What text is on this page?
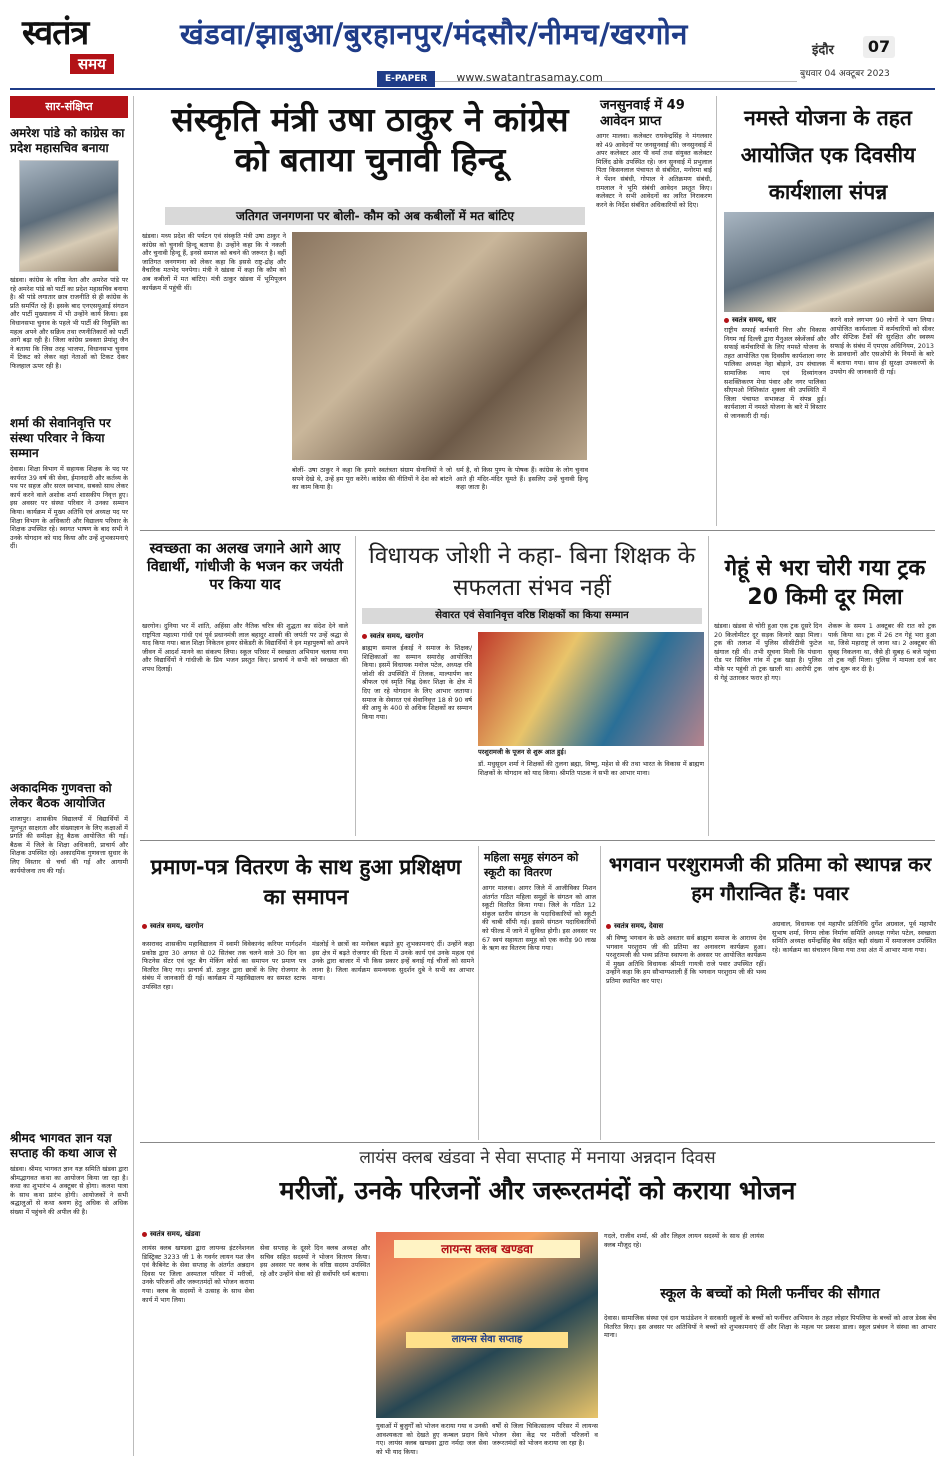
स्वतंत्र
समय
खंडवा/झाबुआ/बुरहानपुर/मंदसौर/नीमच/खरगोन
E-PAPER	www.swatantrasamay.com
इंदौर	07
बुधवार 04 अक्टूबर 2023
सार-संक्षिप्त
अमरेश पांडे को कांग्रेस का प्रदेश महासचिव बनाया
खंडवा। कांग्रेस के वरिष्ठ नेता और अमरेश पांडे पर रहे अमरेश पांडे को पार्टी का प्रदेश महासचिव बनाया है। श्री पांडे लगातार छात्र राजनीति से ही कांग्रेस के प्रति समर्पित रहे हैं। इसके बाद एनएसयूआई संगठन और पार्टी मुख्यालय में भी उन्होंने कार्य किया। इस विधानसभा चुनाव के पहले भी पार्टी की नियुक्ति का महत्व अपने और सक्रिय तथा रणनीतिकारों को पार्टी आगे बढ़ा रही है। जिला कांग्रेस प्रवक्ता प्रेमांशु जैन ने बताया कि जिस तरह भाजपा, विधानसभा चुनाव में टिकट को लेकर वहां नेताओं को टिकट देकर फिलहाल ऊपर रही है।
शर्मा की सेवानिवृत्ति पर संस्था परिवार ने किया सम्मान
देवास। शिक्षा विभाग में सहायक शिक्षक के पद पर कार्यरत 39 वर्ष की सेवा, ईमानदारी और कर्तव्य के पथ पर सहज और सरल स्वभाव, सबको साथ लेकर कार्य करने वाले अशोक शर्मा शासकीय निवृत्त हुए। इस अवसर पर संस्था परिवार ने उनका सम्मान किया। कार्यक्रम में मुख्य अतिथि एवं अध्यक्ष पद पर शिक्षा विभाग के अधिकारी और विद्यालय परिवार के शिक्षक उपस्थित रहे। स्वागत भाषण के बाद सभी ने उनके योगदान को याद किया और उन्हें शुभकामनाएं दीं।
अकादमिक गुणवत्ता को लेकर बैठक आयोजित
शाजापुर। शासकीय विद्यालयों में विद्यार्थियों में मूलभूत साक्षरता और संख्याज्ञान के लिए कक्षाओं में प्रगति की समीक्षा हेतु बैठक आयोजित की गई। बैठक में जिले के शिक्षा अधिकारी, प्राचार्य और शिक्षक उपस्थित रहे। अकादमिक गुणवत्ता सुधार के लिए विस्तार से चर्चा की गई और आगामी कार्ययोजना तय की गई।
श्रीमद भागवत ज्ञान यज्ञ सप्ताह की कथा आज से
खंडवा। श्रीमद भागवत ज्ञान यज्ञ समिति खंडवा द्वारा श्रीमद्भागवत कथा का आयोजन किया जा रहा है। कथा का शुभारंभ 4 अक्टूबर से होगा। कलश यात्रा के साथ कथा प्रारंभ होगी। आयोजकों ने सभी श्रद्धालुओं से कथा श्रवण हेतु अधिक से अधिक संख्या में पहुंचने की अपील की है।
संस्कृति मंत्री उषा ठाकुर ने कांग्रेस को बताया चुनावी हिन्दू
जतिगत जनगणना पर बोली- कौम को अब कबीलों में मत बांटिए
खंडवा। मध्य प्रदेश की पर्यटन एवं संस्कृति मंत्री उषा ठाकुर ने कांग्रेस को चुनावी हिन्दू बताया है। उन्होंने कहा कि ये नकली और चुनावी हिन्दू हैं, इनसे समाज को बचने की जरूरत है। वहीं जातिगत जनगणना को लेकर कहा कि इससे राष्ट्र-द्रोह और वैचारिक मतभेद पनपेगा। मंत्री ने खंडवा में कहा कि कौम को अब कबीलों में मत बांटिए। मंत्री ठाकुर खंडवा में भूमिपूजन कार्यक्रम में पहुंची थीं।
बोलीं- उषा ठाकुर ने कहा कि हमारे स्वतंत्रता संग्राम सेनानियों ने जो सपने देखे थे, उन्हें हम पूरा करेंगे। कांग्रेस की नीतियों ने देश को बांटने का काम किया है।
धर्म है, वो किस पुण्य के पोषक हैं। कांग्रेस के लोग चुनाव आते ही मंदिर-मंदिर घूमते हैं। इसलिए उन्हें चुनावी हिन्दू कहा जाता है।
जनसुनवाई में 49 आवेदन प्राप्त
आगर मालवा। कलेक्टर राघवेन्द्रसिंह ने मंगलवार को 49 आवेदनों पर जनसुनवाई की। जनसुनवाई में अपर कलेक्टर आर पी वर्मा तथा संयुक्त कलेक्टर मिलिंद ढोके उपस्थित रहे। जन सुनवाई में प्रभुलाल पिता किसनलाल पंचायत से संबंधित, मनोरमा बाई ने पेंशन संबंधी, गोपाल ने अतिक्रमण संबंधी, रामलाल ने भूमि संबंधी आवेदन प्रस्तुत किए। कलेक्टर ने सभी आवेदनों का त्वरित निराकरण करने के निर्देश संबंधित अधिकारियों को दिए।
नमस्ते योजना के तहत आयोजित एक दिवसीय कार्यशाला संपन्न
स्वतंत्र समय, धार
राष्ट्रीय सफाई कर्मचारी वित्त और विकास निगम नई दिल्ली द्वारा मैनुअल स्केवेंजर्स और सफाई कर्मचारियों के लिए नमस्ते योजना के तहत आयोजित एक दिवसीय कार्यशाला नगर पालिका अध्यक्ष नेहा बोड़ाने, उप संचालक सामाजिक न्याय एवं दिव्यांगजन सशक्तिकरण मेघा पंवार और नगर पालिका सीएमओ निशिकांत शुक्ला की उपस्थिति में जिला पंचायत सभाकक्ष में संपन्न हुई। कार्यशाला में नमस्ते योजना के बारे में विस्तार से जानकारी दी गई।
करने वाले लगभग 90 लोगों ने भाग लिया। आयोजित कार्यशाला में कर्मचारियों को सीवर और सेप्टिक टैंकों की सुरक्षित और स्वस्थ्य सफाई के संबंध में एमएस अधिनियम, 2013 के प्रावधानों और एसओपी के नियमों के बारे में बताया गया। साथ ही सुरक्षा उपकरणों के उपयोग की जानकारी दी गई।
स्वच्छता का अलख जगाने आगे आए विद्यार्थी, गांधीजी के भजन कर जयंती पर किया याद
खरगोन। दुनिया भर में शांति, अहिंसा और नैतिक चरित्र की शुद्धता का संदेश देने वाले राष्ट्रपिता महात्मा गांधी एवं पूर्व प्रधानमंत्री लाल बहादुर शास्त्री की जयंती पर उन्हें श्रद्धा से याद किया गया। बाल शिक्षा निकेतन हायर सेकेंडरी के विद्यार्थियों ने इन महापुरुषों को अपने जीवन में आदर्श मानने का संकल्प लिया। स्कूल परिसर में स्वच्छता अभियान चलाया गया और विद्यार्थियों ने गांधीजी के प्रिय भजन प्रस्तुत किए। प्राचार्य ने सभी को स्वच्छता की शपथ दिलाई।
विधायक जोशी ने कहा- बिना शिक्षक के सफलता संभव नहीं
सेवारत एवं सेवानिवृत्त वरिष्ठ शिक्षकों का किया सम्मान
स्वतंत्र समय, खरगोन
ब्राह्मण समाज ईकाई ने समाज के शिक्षक/शिक्षिकाओं का सम्मान समारोह आयोजित किया। इसमें विधायक मनोज पटेल, अध्यक्ष रवि जोशी की उपस्थिति में तिलक, माल्यार्पण कर श्रीफल एवं स्मृति चिह्न देकर शिक्षा के क्षेत्र में दिए जा रहे योगदान के लिए आभार जताया। समाज के सेवारत एवं सेवानिवृत्त 18 से 90 वर्ष की आयु के 400 से अधिक शिक्षकों का सम्मान किया गया।
परशुरामजी के पूजन से शुरू आत हुई।
डॉ. मधुसूदन शर्मा ने शिक्षकों की तुलना ब्रह्मा, विष्णु, महेश से की तथा भारत के विकास में ब्राह्मण शिक्षकों के योगदान को याद किया। श्रीमति पाठक ने सभी का आभार माना।
गेहूं से भरा चोरी गया ट्रक 20 किमी दूर मिला
खंडवा। खंडवा से चोरी हुआ एक ट्रक दूसरे दिन 20 किलोमीटर दूर सड़क किनारे खड़ा मिला। ट्रक की तलाश में पुलिस सीसीटीवी फुटेज खंगाल रही थी। तभी सूचना मिली कि पंधाना रोड पर सिविल गांव में ट्रक खड़ा है। पुलिस मौके पर पहुंची तो ट्रक खाली था। आरोपी ट्रक से गेहूं उतारकर फरार हो गए।
शेकरू के समय 1 अक्टूबर की रात को ट्रक पार्क किया था। ट्रक में 26 टन गेहूं भरा हुआ था, जिसे महाराष्ट्र ले जाना था। 2 अक्टूबर की सुबह निकलना था, जैसे ही सुबह 6 बजे पहुंचा तो ट्रक नहीं मिला। पुलिस ने मामला दर्ज कर जांच शुरू कर दी है।
प्रमाण-पत्र वितरण के साथ हुआ प्रशिक्षण का समापन
स्वतंत्र समय, खरगोन
कसरावद शासकीय महाविद्यालय में स्वामी विवेकानंद करियर मार्गदर्शन प्रकोष्ठ द्वारा 30 अगस्त से 02 सितंबर तक चलने वाले 30 दिन का फिटनेस सेंटर एवं जूट बैग मेकिंग कोर्स का समापन पर प्रमाण पत्र वितरित किए गए। प्राचार्य डॉ. ठाकुर द्वारा छात्रों के लिए रोजगार के संबंध में जानकारी दी गई। कार्यक्रम में महाविद्यालय का समस्त स्टाफ उपस्थित रहा।
मंडलोई ने छात्रों का मनोबल बढ़ाते हुए शुभकामनाएं दीं। उन्होंने कहा इस क्षेत्र में बढ़ते रोजगार की दिशा में उनके कार्य एवं उनके महत्व एवं उनके द्वारा बाजार में भी किस प्रकार इन्हें बनाई गई चीजों को सामने लाना है। जिला कार्यक्रम समन्वयक सुदर्शन दुबे ने सभी का आभार माना।
महिला समूह संगठन को स्कूटी का वितरण
आगर मालवा। आगर जिले में आजीविका मिशन अंतर्गत गठित महिला समूहों के संगठन को आज स्कूटी वितरित किया गया। जिले के गठित 12 संकुल स्तरीय संगठन के पदाधिकारियों को स्कूटी की चाबी सौंपी गई। इससे संगठन पदाधिकारियों को फील्ड में जाने में सुविधा होगी। इस अवसर पर 67 स्वयं सहायता समूह को एक करोड़ 90 लाख के ऋण का वितरण किया गया।
भगवान परशुरामजी की प्रतिमा को स्थापन्न कर हम गौरान्वित हैं: पवार
स्वतंत्र समय, देवास
श्री विष्णु भगवान के छठे अवतार सर्व ब्राह्मण समाज के आराध्य देव भगवान परशुराम जी की प्रतिमा का अनावरण कार्यक्रम हुआ। परशुरामजी की भव्य प्रतिमा स्थापना के अवसर पर आयोजित कार्यक्रम में मुख्य अतिथि विधायक श्रीमती गायत्री राजे पवार उपस्थित रहीं। उन्होंने कहा कि हम सौभाग्यशाली हैं कि भगवान परशुराम जी की भव्य प्रतिमा स्थापित कर पाए।
अग्रवाल, विधायक एवं महापौर प्रतिनिधि दुर्गेश अग्रवाल, पूर्व महापौर सुभाष शर्मा, निगम लोक निर्माण समिति अध्यक्ष गणेश पटेल, स्वच्छता समिति अध्यक्ष धर्मेन्द्रसिंह बैस सहित बड़ी संख्या में समाजजन उपस्थित रहे। कार्यक्रम का संचालन किया गया तथा अंत में आभार माना गया।
लायंस क्लब खंडवा ने सेवा सप्ताह में मनाया अन्नदान दिवस
मरीजों, उनके परिजनों और जरूरतमंदों को कराया भोजन
स्वतंत्र समय, खंडवा
लायंस क्लब खण्डवा द्वारा लायन्स इंटरनेशनल डिस्ट्रिक्ट 3233 जी 1 के गवर्नर लायन यश जैन एवं कैबिनेट के सेवा सप्ताह के अंतर्गत अन्नदान दिवस पर जिला अस्पताल परिसर में मरीजों, उनके परिजनों और जरूरतमंदों को भोजन कराया गया। क्लब के सदस्यों ने उत्साह के साथ सेवा कार्य में भाग लिया।
सेवा सप्ताह के दूसरे दिन क्लब अध्यक्ष और सचिव सहित सदस्यों ने भोजन वितरण किया। इस अवसर पर क्लब के वरिष्ठ सदस्य उपस्थित रहे और उन्होंने सेवा को ही सर्वोपरि धर्म बताया।
लायन्स क्लब खण्डवा
लायन्स सेवा सप्ताह
युवाओं में बुजुर्गों को भोजन कराया गया व उनकी आवश्यकता को देखते हुए कम्बल प्रदान किये गए। लायंस क्लब खण्डवा द्वारा नर्मदा जल सेवा को भी याद किया।
वर्षों से जिला चिकित्सालय परिसर में लायन्स भोजन सेवा केंद्र पर मरीजों परिजनों व जरूरतमंदों को भोजन कराया जा रहा है।
गदले, राजीव शर्मा, श्री और लिहल लायन सदस्यों के साथ ही लायंस क्लब मौजूद रहे।
स्कूल के बच्चों को मिली फर्नीचर की सौगात
देवास। सामाजिक संस्था एवं दान फाउंडेशन ने सरकारी स्कूलों के बच्चों को फर्नीचर अभियान के तहत लोहार पिपलिया के बच्चों को आज डेस्क बेंच वितरित किए। इस अवसर पर अतिथियों ने बच्चों को शुभकामनाएं दीं और शिक्षा के महत्व पर प्रकाश डाला। स्कूल प्रबंधन ने संस्था का आभार माना।
